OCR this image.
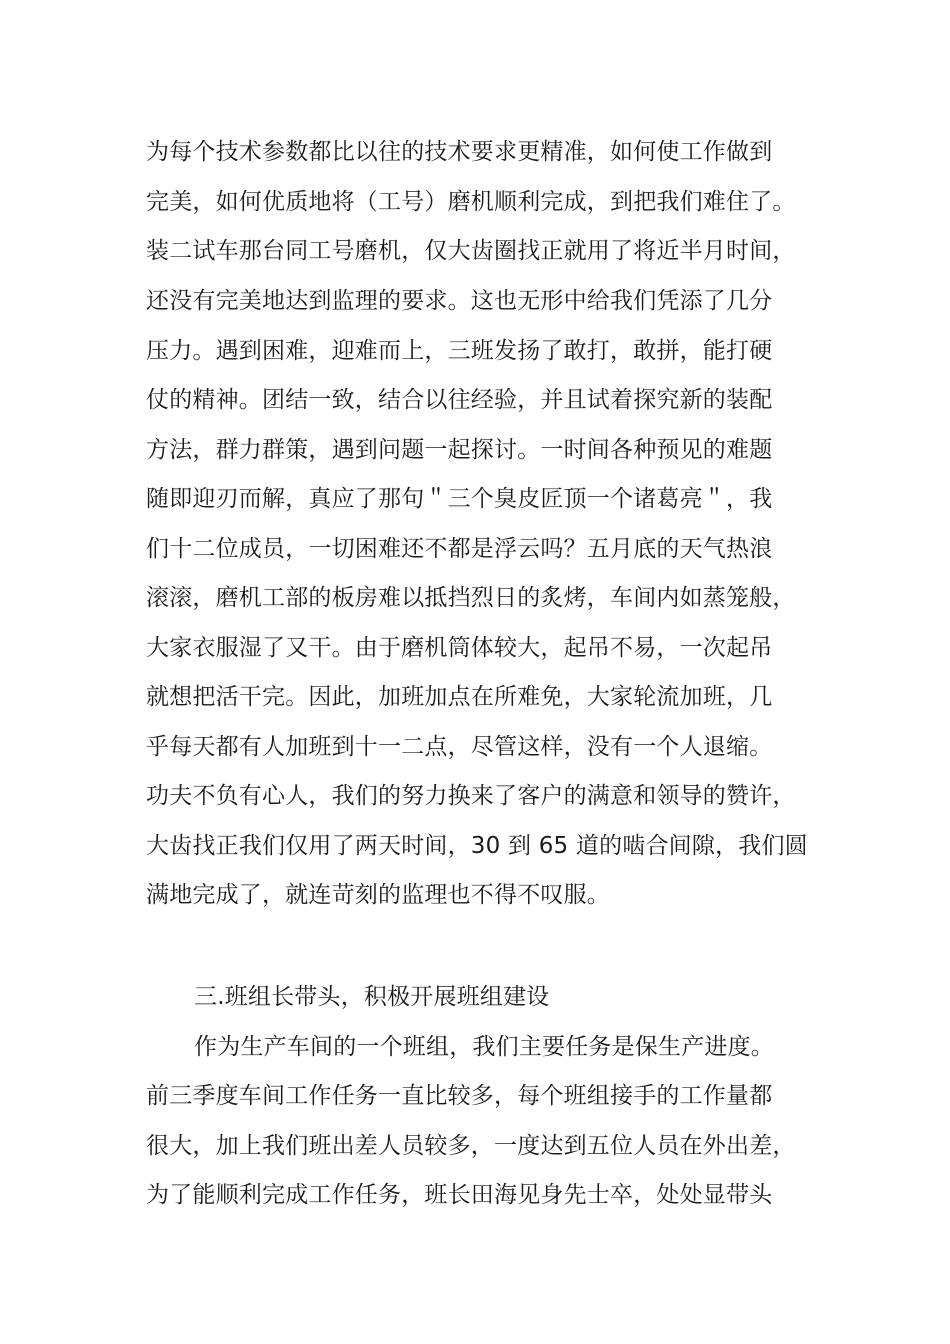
为每个技术参数都比以往的技术要求更精准，如何使工作做到
完美，如何优质地将（工号）磨机顺利完成，到把我们难住了。
装二试车那台同工号磨机，仅大齿圈找正就用了将近半月时间，
还没有完美地达到监理的要求。这也无形中给我们凭添了几分
压力。遇到困难，迎难而上，三班发扬了敢打，敢拼，能打硬
仗的精神。团结一致，结合以往经验，并且试着探究新的装配
方法，群力群策，遇到问题一起探讨。一时间各种预见的难题
随即迎刃而解，真应了那句＂三个臭皮匠顶一个诸葛亮＂，我
们十二位成员，一切困难还不都是浮云吗？五月底的天气热浪
滚滚，磨机工部的板房难以抵挡烈日的炙烤，车间内如蒸笼般，
大家衣服湿了又干。由于磨机筒体较大，起吊不易，一次起吊
就想把活干完。因此，加班加点在所难免，大家轮流加班，几
乎每天都有人加班到十一二点，尽管这样，没有一个人退缩。
功夫不负有心人，我们的努力换来了客户的满意和领导的赞许，
大齿找正我们仅用了两天时间，30 到 65 道的啮合间隙，我们圆
满地完成了，就连苛刻的监理也不得不叹服。
三.班组长带头，积极开展班组建设
作为生产车间的一个班组，我们主要任务是保生产进度。
前三季度车间工作任务一直比较多，每个班组接手的工作量都
很大，加上我们班出差人员较多，一度达到五位人员在外出差，
为了能顺利完成工作任务，班长田海见身先士卒，处处显带头
